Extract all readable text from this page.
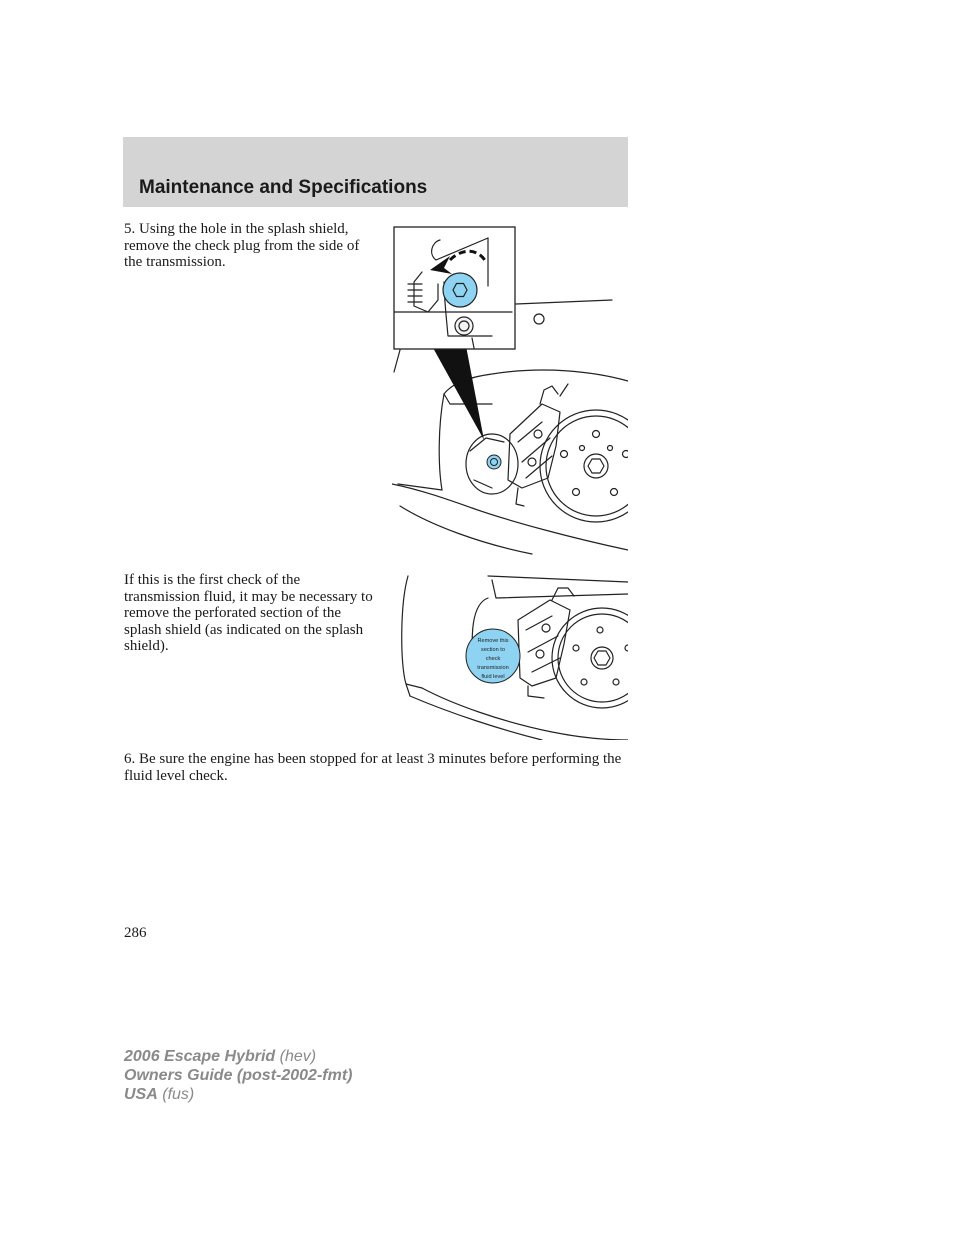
Maintenance and Specifications

5. Using the hole in the splash shield, remove the check plug from the side of the transmission.

If this is the first check of the transmission fluid, it may be necessary to remove the perforated section of the splash shield (as indicated on the splash shield).	Remove this
section to
check
transmission
fluid level

6. Be sure the engine has been stopped for at least 3 minutes before performing the fluid level check.

286
2006 Escape Hybrid (hev)
Owners Guide (post-2002-fmt)
USA (fus)
